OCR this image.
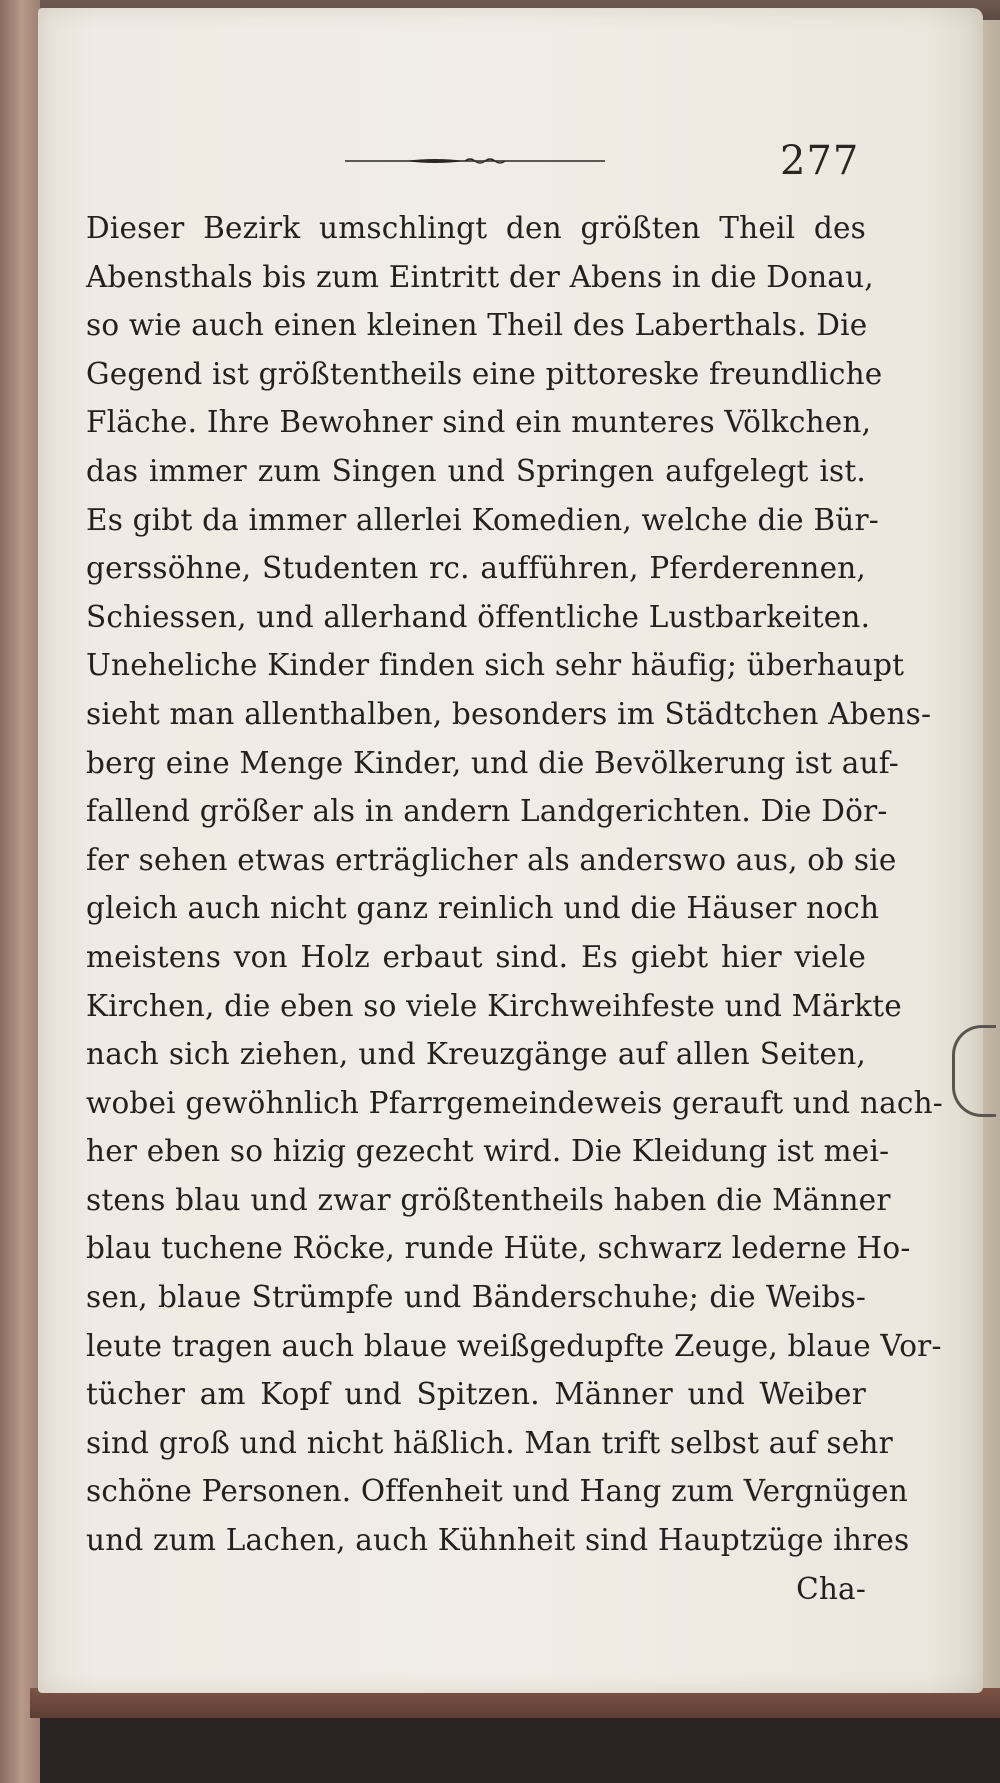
277
Dieser Bezirk umschlingt den größten Theil des
Abensthals bis zum Eintritt der Abens in die Donau,
so wie auch einen kleinen Theil des Laberthals. Die
Gegend ist größtentheils eine pittoreske freundliche
Fläche. Ihre Bewohner sind ein munteres Völkchen,
das immer zum Singen und Springen aufgelegt ist.
Es gibt da immer allerlei Komedien, welche die Bür-
gerssöhne, Studenten rc. aufführen, Pferderennen,
Schiessen, und allerhand öffentliche Lustbarkeiten.
Uneheliche Kinder finden sich sehr häufig; überhaupt
sieht man allenthalben, besonders im Städtchen Abens-
berg eine Menge Kinder, und die Bevölkerung ist auf-
fallend größer als in andern Landgerichten. Die Dör-
fer sehen etwas erträglicher als anderswo aus, ob sie
gleich auch nicht ganz reinlich und die Häuser noch
meistens von Holz erbaut sind. Es giebt hier viele
Kirchen, die eben so viele Kirchweihfeste und Märkte
nach sich ziehen, und Kreuzgänge auf allen Seiten,
wobei gewöhnlich Pfarrgemeindeweis gerauft und nach-
her eben so hizig gezecht wird. Die Kleidung ist mei-
stens blau und zwar größtentheils haben die Männer
blau tuchene Röcke, runde Hüte, schwarz lederne Ho-
sen, blaue Strümpfe und Bänderschuhe; die Weibs-
leute tragen auch blaue weißgedupfte Zeuge, blaue Vor-
tücher am Kopf und Spitzen. Männer und Weiber
sind groß und nicht häßlich. Man trift selbst auf sehr
schöne Personen. Offenheit und Hang zum Vergnügen
und zum Lachen, auch Kühnheit sind Hauptzüge ihres
Cha-
